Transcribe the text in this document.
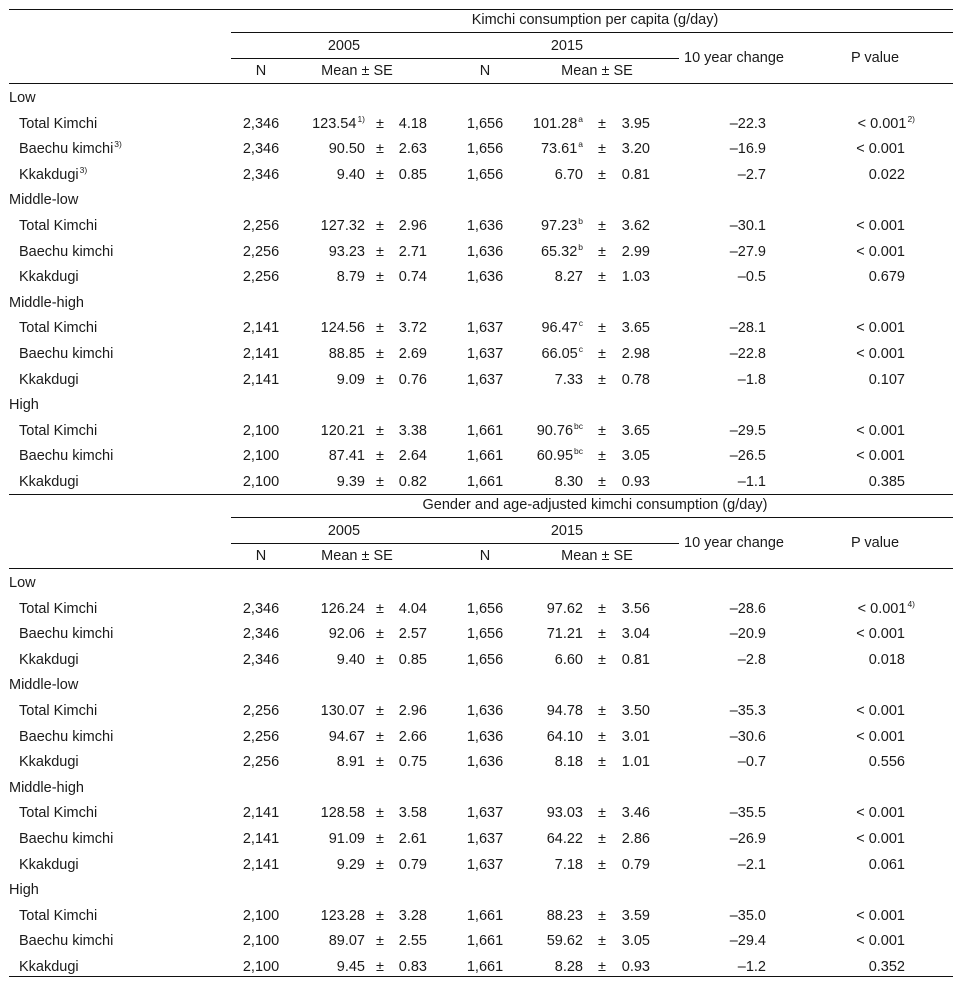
Kimchi consumption per capita (g/day)
2005	2015
10 year change	P value
N	Mean ± SE	N	Mean ± SE
Low
Total Kimchi	2,346 $123.54^{1)} \pm 4.18$	1,656 101.28$^a$ ± 3.95	–22.3	< $0.001^{2)}$
Baechu kimchi$^{3)}$	2,346	90.50 ± 2.63	1,656	73.61$^a$ ± 3.20	–16.9	< 0.001
Kkakdugi$^{3)}$	2,346	9.40 ± 0.85	1,656	6.70 ± 0.81	–2.7	0.022
Middle-low
Total Kimchi	2,256	127.32 ± 2.96	1,636	97.23$^b$ ± 3.62	–30.1	< 0.001
Baechu kimchi	2,256	93.23 ± 2.71	1,636	65.32$^b$ ± 2.99	–27.9	< 0.001
Kkakdugi	2,256	8.79 ± 0.74	1,636	8.27 ± 1.03	–0.5	0.679
Middle-high
Total Kimchi	2,141	124.56 ± 3.72	1,637	96.47$^c$ ± 3.65	–28.1	< 0.001
Baechu kimchi	2,141	88.85 ± 2.69	1,637	66.05$^c$ ± 2.98	–22.8	< 0.001
Kkakdugi	2,141	9.09 ± 0.76	1,637	7.33 ± 0.78	–1.8	0.107
High
Total Kimchi	2,100	120.21 ± 3.38	1,661 90.76$^{bc}$ ± 3.65	–29.5	< 0.001
Baechu kimchi	2,100	87.41 ± 2.64	1,661 60.95$^{bc}$ ± 3.05	–26.5	< 0.001
Kkakdugi	2,100	9.39 ± 0.82	1,661	8.30 ± 0.93	–1.1	0.385
Gender and age-adjusted kimchi consumption (g/day)
2005	2015
10 year change	P value
N	Mean ± SE	N	Mean ± SE
Low
Total Kimchi	2,346	126.24 ± 4.04	1,656	97.62 ± 3.56	–28.6	< $0.001^{4)}$
Baechu kimchi	2,346	92.06 ± 2.57	1,656	71.21 ± 3.04	–20.9	< 0.001
Kkakdugi	2,346	9.40 ± 0.85	1,656	6.60 ± 0.81	–2.8	0.018
Middle-low
Total Kimchi	2,256	130.07 ± 2.96	1,636	94.78 ± 3.50	–35.3	< 0.001
Baechu kimchi	2,256	94.67 ± 2.66	1,636	64.10 ± 3.01	–30.6	< 0.001
Kkakdugi	2,256	8.91 ± 0.75	1,636	8.18 ± 1.01	–0.7	0.556
Middle-high
Total Kimchi	2,141	128.58 ± 3.58	1,637	93.03 ± 3.46	–35.5	< 0.001
Baechu kimchi	2,141	91.09 ± 2.61	1,637	64.22 ± 2.86	–26.9	< 0.001
Kkakdugi	2,141	9.29 ± 0.79	1,637	7.18 ± 0.79	–2.1	0.061
High
Total Kimchi	2,100	123.28 ± 3.28	1,661	88.23 ± 3.59	–35.0	< 0.001
Baechu kimchi	2,100	89.07 ± 2.55	1,661	59.62 ± 3.05	–29.4	< 0.001
Kkakdugi	2,100	9.45 ± 0.83	1,661	8.28 ± 0.93	–1.2	0.352
